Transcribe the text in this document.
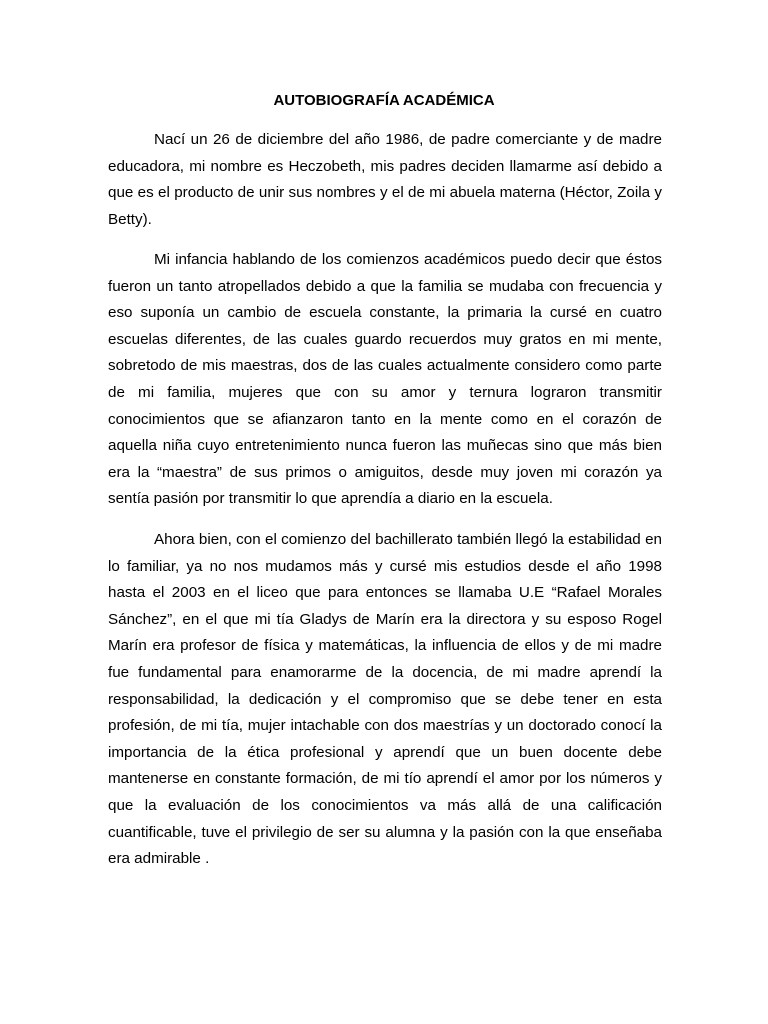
AUTOBIOGRAFÍA ACADÉMICA

Nací un 26 de diciembre del año 1986, de padre comerciante y de madre educadora, mi nombre es Heczobeth, mis padres deciden llamarme así debido a que es el producto de unir sus nombres y el de mi abuela materna (Héctor, Zoila y Betty).

Mi infancia hablando de los comienzos académicos puedo decir que éstos fueron un tanto atropellados debido a que la familia se mudaba con frecuencia y eso suponía un cambio de escuela constante, la primaria la cursé en cuatro escuelas diferentes, de las cuales guardo recuerdos muy gratos en mi mente, sobretodo de mis maestras, dos de las cuales actualmente considero como parte de mi familia, mujeres que con su amor y ternura lograron transmitir conocimientos que se afianzaron tanto en la mente como en el corazón de aquella niña cuyo entretenimiento nunca fueron las muñecas sino que más bien era la “maestra” de sus primos o amiguitos, desde muy joven mi corazón ya sentía pasión por transmitir lo que aprendía a diario en la escuela.

Ahora bien, con el comienzo del bachillerato también llegó la estabilidad en lo familiar, ya no nos mudamos más y cursé mis estudios desde el año 1998 hasta el 2003 en el liceo que para entonces se llamaba U.E “Rafael Morales Sánchez”, en el que mi tía Gladys de Marín era la directora y su esposo Rogel Marín era profesor de física y matemáticas, la influencia de ellos y de mi madre fue fundamental para enamorarme de la docencia, de mi madre aprendí la responsabilidad, la dedicación y el compromiso que se debe tener en esta profesión, de mi tía, mujer intachable con dos maestrías y un doctorado conocí la importancia de la ética profesional y aprendí que un buen docente debe mantenerse en constante formación, de mi tío aprendí el amor por los números y que la evaluación de los conocimientos va más allá de una calificación cuantificable, tuve el privilegio de ser su alumna y la pasión con la que enseñaba era admirable .
